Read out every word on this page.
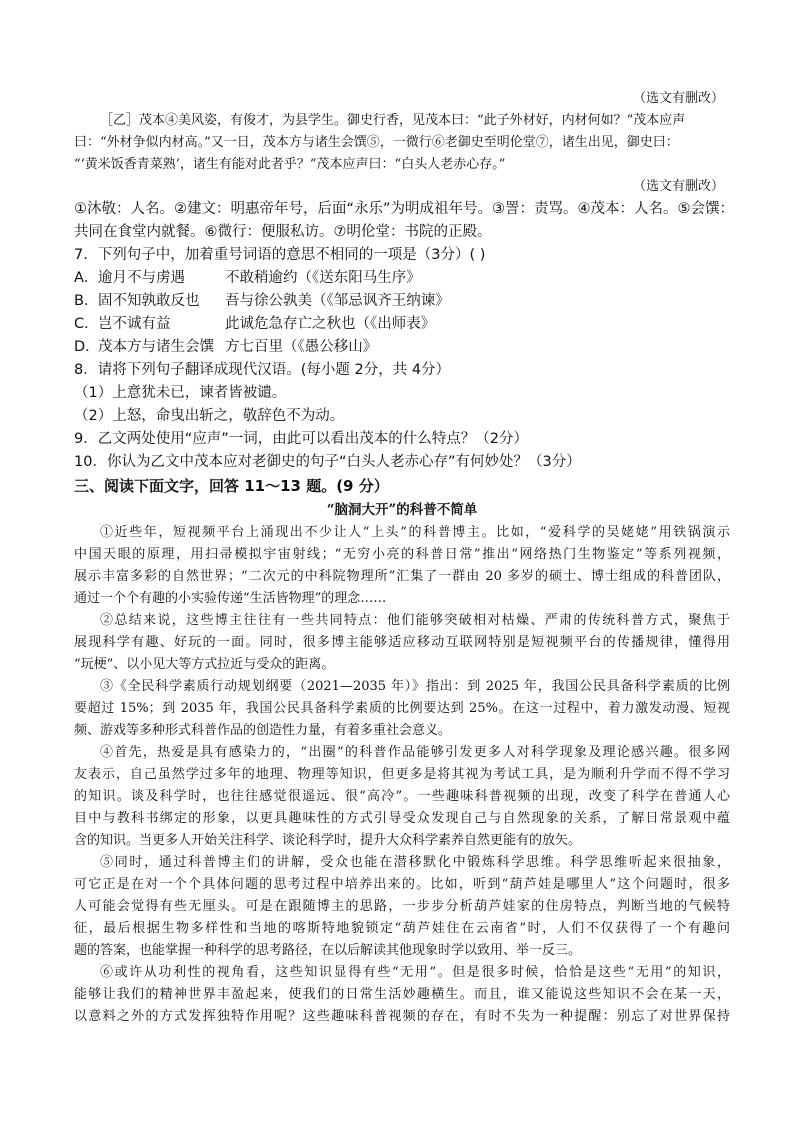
（选文有删改）
［乙］茂本④美风姿，有俊才，为县学生。御史行香，见茂本曰：“此子外材好，内材何如？”茂本应声
曰：“外材争似内材高。”又一日，茂本方与诸生会馔⑤，一微行⑥老御史至明伦堂⑦，诸生出见，御史曰：
“‘黄米饭香青菜熟’，诸生有能对此者乎？”茂本应声曰：“白头人老赤心存。”
（选文有删改）
①沐敬：人名。②建文：明惠帝年号，后面“永乐”为明成祖年号。③詈：责骂。④茂本：人名。⑤会馔：
共同在食堂内就餐。⑥微行：便服私访。⑦明伦堂：书院的正殿。
7．下列句子中，加着重号词语的意思不相同的一项是（3分）( )
A． 逾月不与虏遇	不敢稍逾约（《送东阳马生序》
B． 固不知孰敢反也	吾与徐公孰美（《邹忌讽齐王纳谏》
C． 岂不诚有益	此诚危急存亡之秋也（《出师表》
D．
茂本方与诸生会馔 方七百里（《愚公移山》
8．请将下列句子翻译成现代汉语。(每小题 2分，共 4分）
（1）上意犹未已，谏者皆被谴。
（2）上怒，命曳出斩之，敬辞色不为动。
9．乙文两处使用“应声”一词，由此可以看出茂本的什么特点？（2分）
10．你认为乙文中茂本应对老御史的句子“白头人老赤心存”有何妙处？（3分）
三、阅读下面文字，回答 11～13 题。(9 分）
“脑洞大开”的科普不简单
①近些年，短视频平台上涌现出不少让人“上头”的科普博主。比如，“爱科学的吴姥姥”用铁锅演示
中国天眼的原理，用扫帚模拟宇宙射线；“无穷小亮的科普日常”推出“网络热门生物鉴定”等系列视频，
展示丰富多彩的自然世界；“二次元的中科院物理所”汇集了一群由 20 多岁的硕士、博士组成的科普团队，
通过一个个有趣的小实验传递“生活皆物理”的理念……
②总结来说，这些博主往往有一些共同特点：他们能够突破相对枯燥、严肃的传统科普方式，聚焦于
展现科学有趣、好玩的一面。同时，很多博主能够适应移动互联网特别是短视频平台的传播规律，懂得用
“玩梗”、以小见大等方式拉近与受众的距离。
③《全民科学素质行动规划纲要（2021—2035 年）》指出：到 2025 年，我国公民具备科学素质的比例
要超过 15%；到 2035 年，我国公民具备科学素质的比例要达到 25%。在这一过程中，着力激发动漫、短视
频、游戏等多种形式科普作品的创造性力量，有着多重社会意义。
④首先，热爱是具有感染力的，“出圈”的科普作品能够引发更多人对科学现象及理论感兴趣。很多网
友表示，自己虽然学过多年的地理、物理等知识，但更多是将其视为考试工具，是为顺利升学而不得不学习
的知识。谈及科学时，也往往感觉很遥远、很“高冷”。一些趣味科普视频的出现，改变了科学在普通人心
目中与教科书绑定的形象，以更具趣味性的方式引导受众发现自己与自然现象的关系，了解日常景观中蕴
含的知识。当更多人开始关注科学、谈论科学时，提升大众科学素养自然更能有的放矢。
⑤同时，通过科普博主们的讲解，受众也能在潜移默化中锻炼科学思维。科学思维听起来很抽象，
可它正是在对一个个具体问题的思考过程中培养出来的。比如，听到“葫芦娃是哪里人”这个问题时，很多
人可能会觉得有些无厘头。可是在跟随博主的思路，一步步分析葫芦娃家的住房特点，判断当地的气候特
征，最后根据生物多样性和当地的喀斯特地貌锁定“葫芦娃住在云南省”时，人们不仅获得了一个有趣问
题的答案，也能掌握一种科学的思考路径，在以后解读其他现象时学以致用、举一反三。
⑥或许从功利性的视角看，这些知识显得有些“无用”。但是很多时候，恰恰是这些“无用”的知识，
能够让我们的精神世界丰盈起来，使我们的日常生活妙趣横生。而且，谁又能说这些知识不会在某一天，
以意料之外的方式发挥独特作用呢？这些趣味科普视频的存在，有时不失为一种提醒：别忘了对世界保持
